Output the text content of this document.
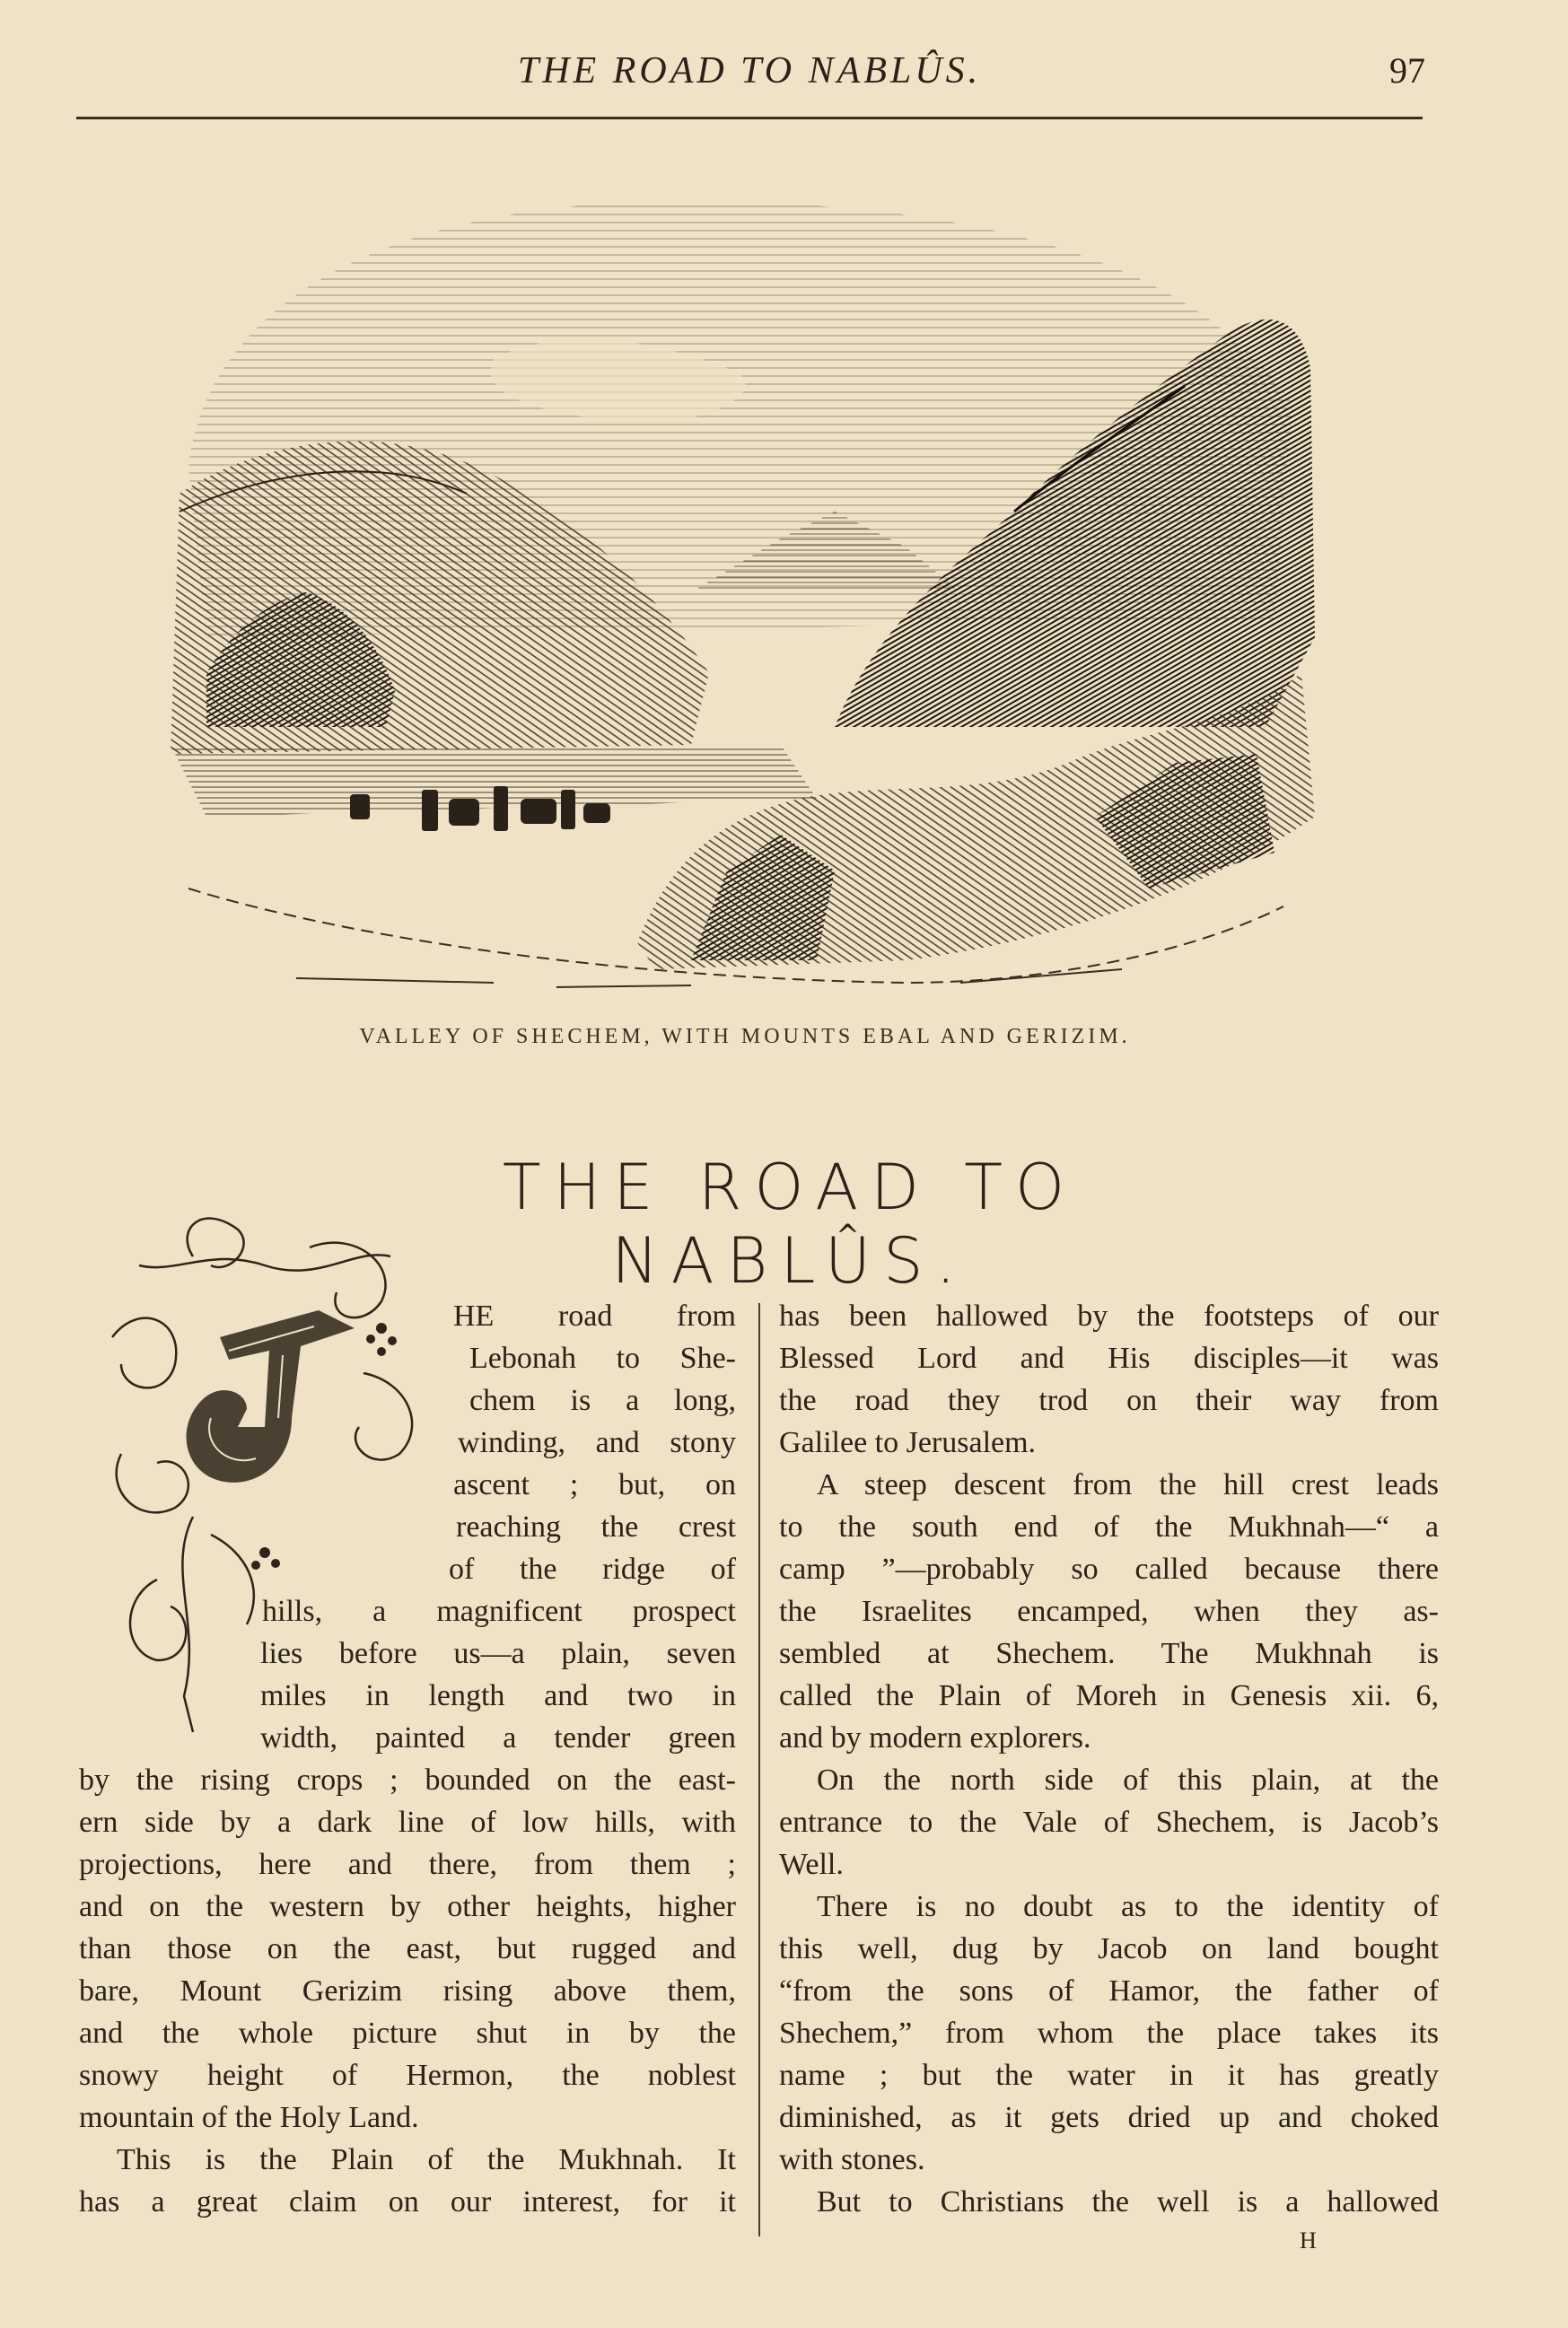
THE ROAD TO NABLÛS.	97
VALLEY OF SHECHEM, WITH MOUNTS EBAL AND GERIZIM.
THE ROAD TO NABLÛS.
HE road from
Lebonah to She-
chem is a long,
winding, and stony
ascent ; but, on
reaching the crest
of the ridge of
hills, a magnificent prospect
lies before us—a plain, seven
miles in length and two in
width, painted a tender green
by the rising crops ; bounded on the east-
ern side by a dark line of low hills, with
projections, here and there, from them ;
and on the western by other heights, higher
than those on the east, but rugged and
bare, Mount Gerizim rising above them,
and the whole picture shut in by the
snowy height of Hermon, the noblest
mountain of the Holy Land.
This is the Plain of the Mukhnah. It
has a great claim on our interest, for it
has been hallowed by the footsteps of our
Blessed Lord and His disciples—it was
the road they trod on their way from
Galilee to Jerusalem.
A steep descent from the hill crest leads
to the south end of the Mukhnah—“ a
camp ”—probably so called because there
the Israelites encamped, when they as-
sembled at Shechem. The Mukhnah is
called the Plain of Moreh in Genesis xii. 6,
and by modern explorers.
On the north side of this plain, at the
entrance to the Vale of Shechem, is Jacob’s
Well.
There is no doubt as to the identity of
this well, dug by Jacob on land bought
“from the sons of Hamor, the father of
Shechem,” from whom the place takes its
name ; but the water in it has greatly
diminished, as it gets dried up and choked
with stones.
But to Christians the well is a hallowed
H
